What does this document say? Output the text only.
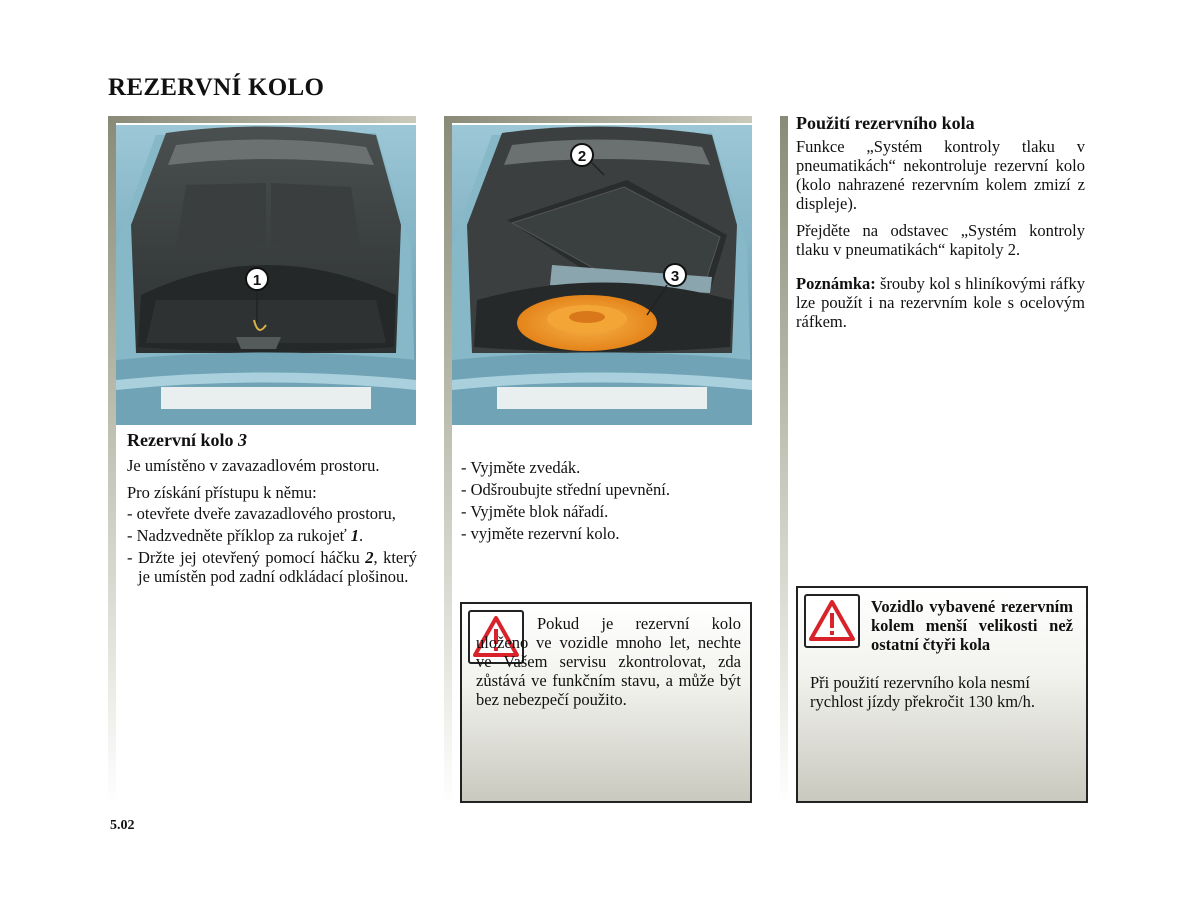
REZERVNÍ KOLO
1
2
3
Rezervní kolo 3
Je umístěno v zavazadlovém prostoru.
Pro získání přístupu k němu:
- otevřete dveře zavazadlového prostoru,
- Nadzvedněte příklop za rukojeť 1.
- Držte jej otevřený pomocí háčku 2, který je umístěn pod zadní odkládací plošinou.
- Vyjměte zvedák.
- Odšroubujte střední upevnění.
- Vyjměte blok nářadí.
- vyjměte rezervní kolo.
Pokud je rezervní kolo uloženo ve vozidle mnoho let, nechte ve Vašem servisu zkontrolovat, zda zůstává ve funkčním stavu, a může být bez nebezpečí použito.
Použití rezervního kola
Funkce „Systém kontroly tlaku v pneumatikách“ nekontroluje rezervní kolo (kolo nahrazené rezervním kolem zmizí z displeje).
Přejděte na odstavec „Systém kontroly tlaku v pneumatikách“ kapitoly 2.
Poznámka: šrouby kol s hliníkovými ráfky lze použít i na rezervním kole s ocelovým ráfkem.
Vozidlo vybavené rezervním kolem menší velikosti než ostatní čtyři kola
Při použití rezervního kola nesmí rychlost jízdy překročit 130 km/h.
5.02
